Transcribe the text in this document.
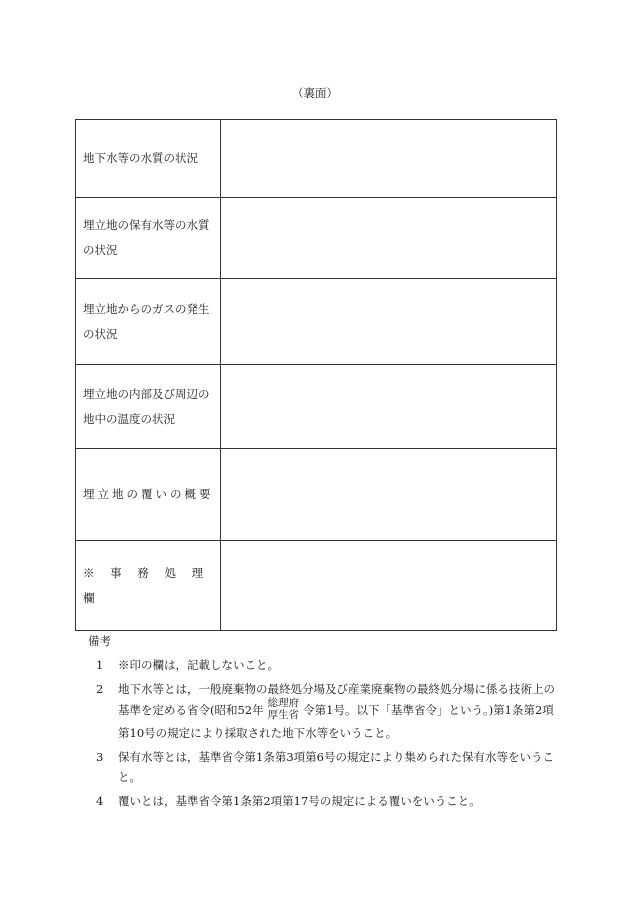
（裏面）
地下水等の水質の状況	
埋立地の保有水等の水質の状況	
埋立地からのガスの発生の状況	
埋立地の内部及び周辺の地中の温度の状況	
埋立地の覆いの概要	
※ 事 務 処 理 欄	
備考
1	※印の欄は，記載しないこと。
2	地下水等とは，一般廃棄物の最終処分場及び産業廃棄物の最終処分場に係る技術上の基準を定める省令(昭和52年 総理府
厚生省 令第1号。以下「基準省令」という。)第1条第2項第10号の規定により採取された地下水等をいうこと。
3	保有水等とは，基準省令第1条第3項第6号の規定により集められた保有水等をいうこと。
4	覆いとは，基準省令第1条第2項第17号の規定による覆いをいうこと。
